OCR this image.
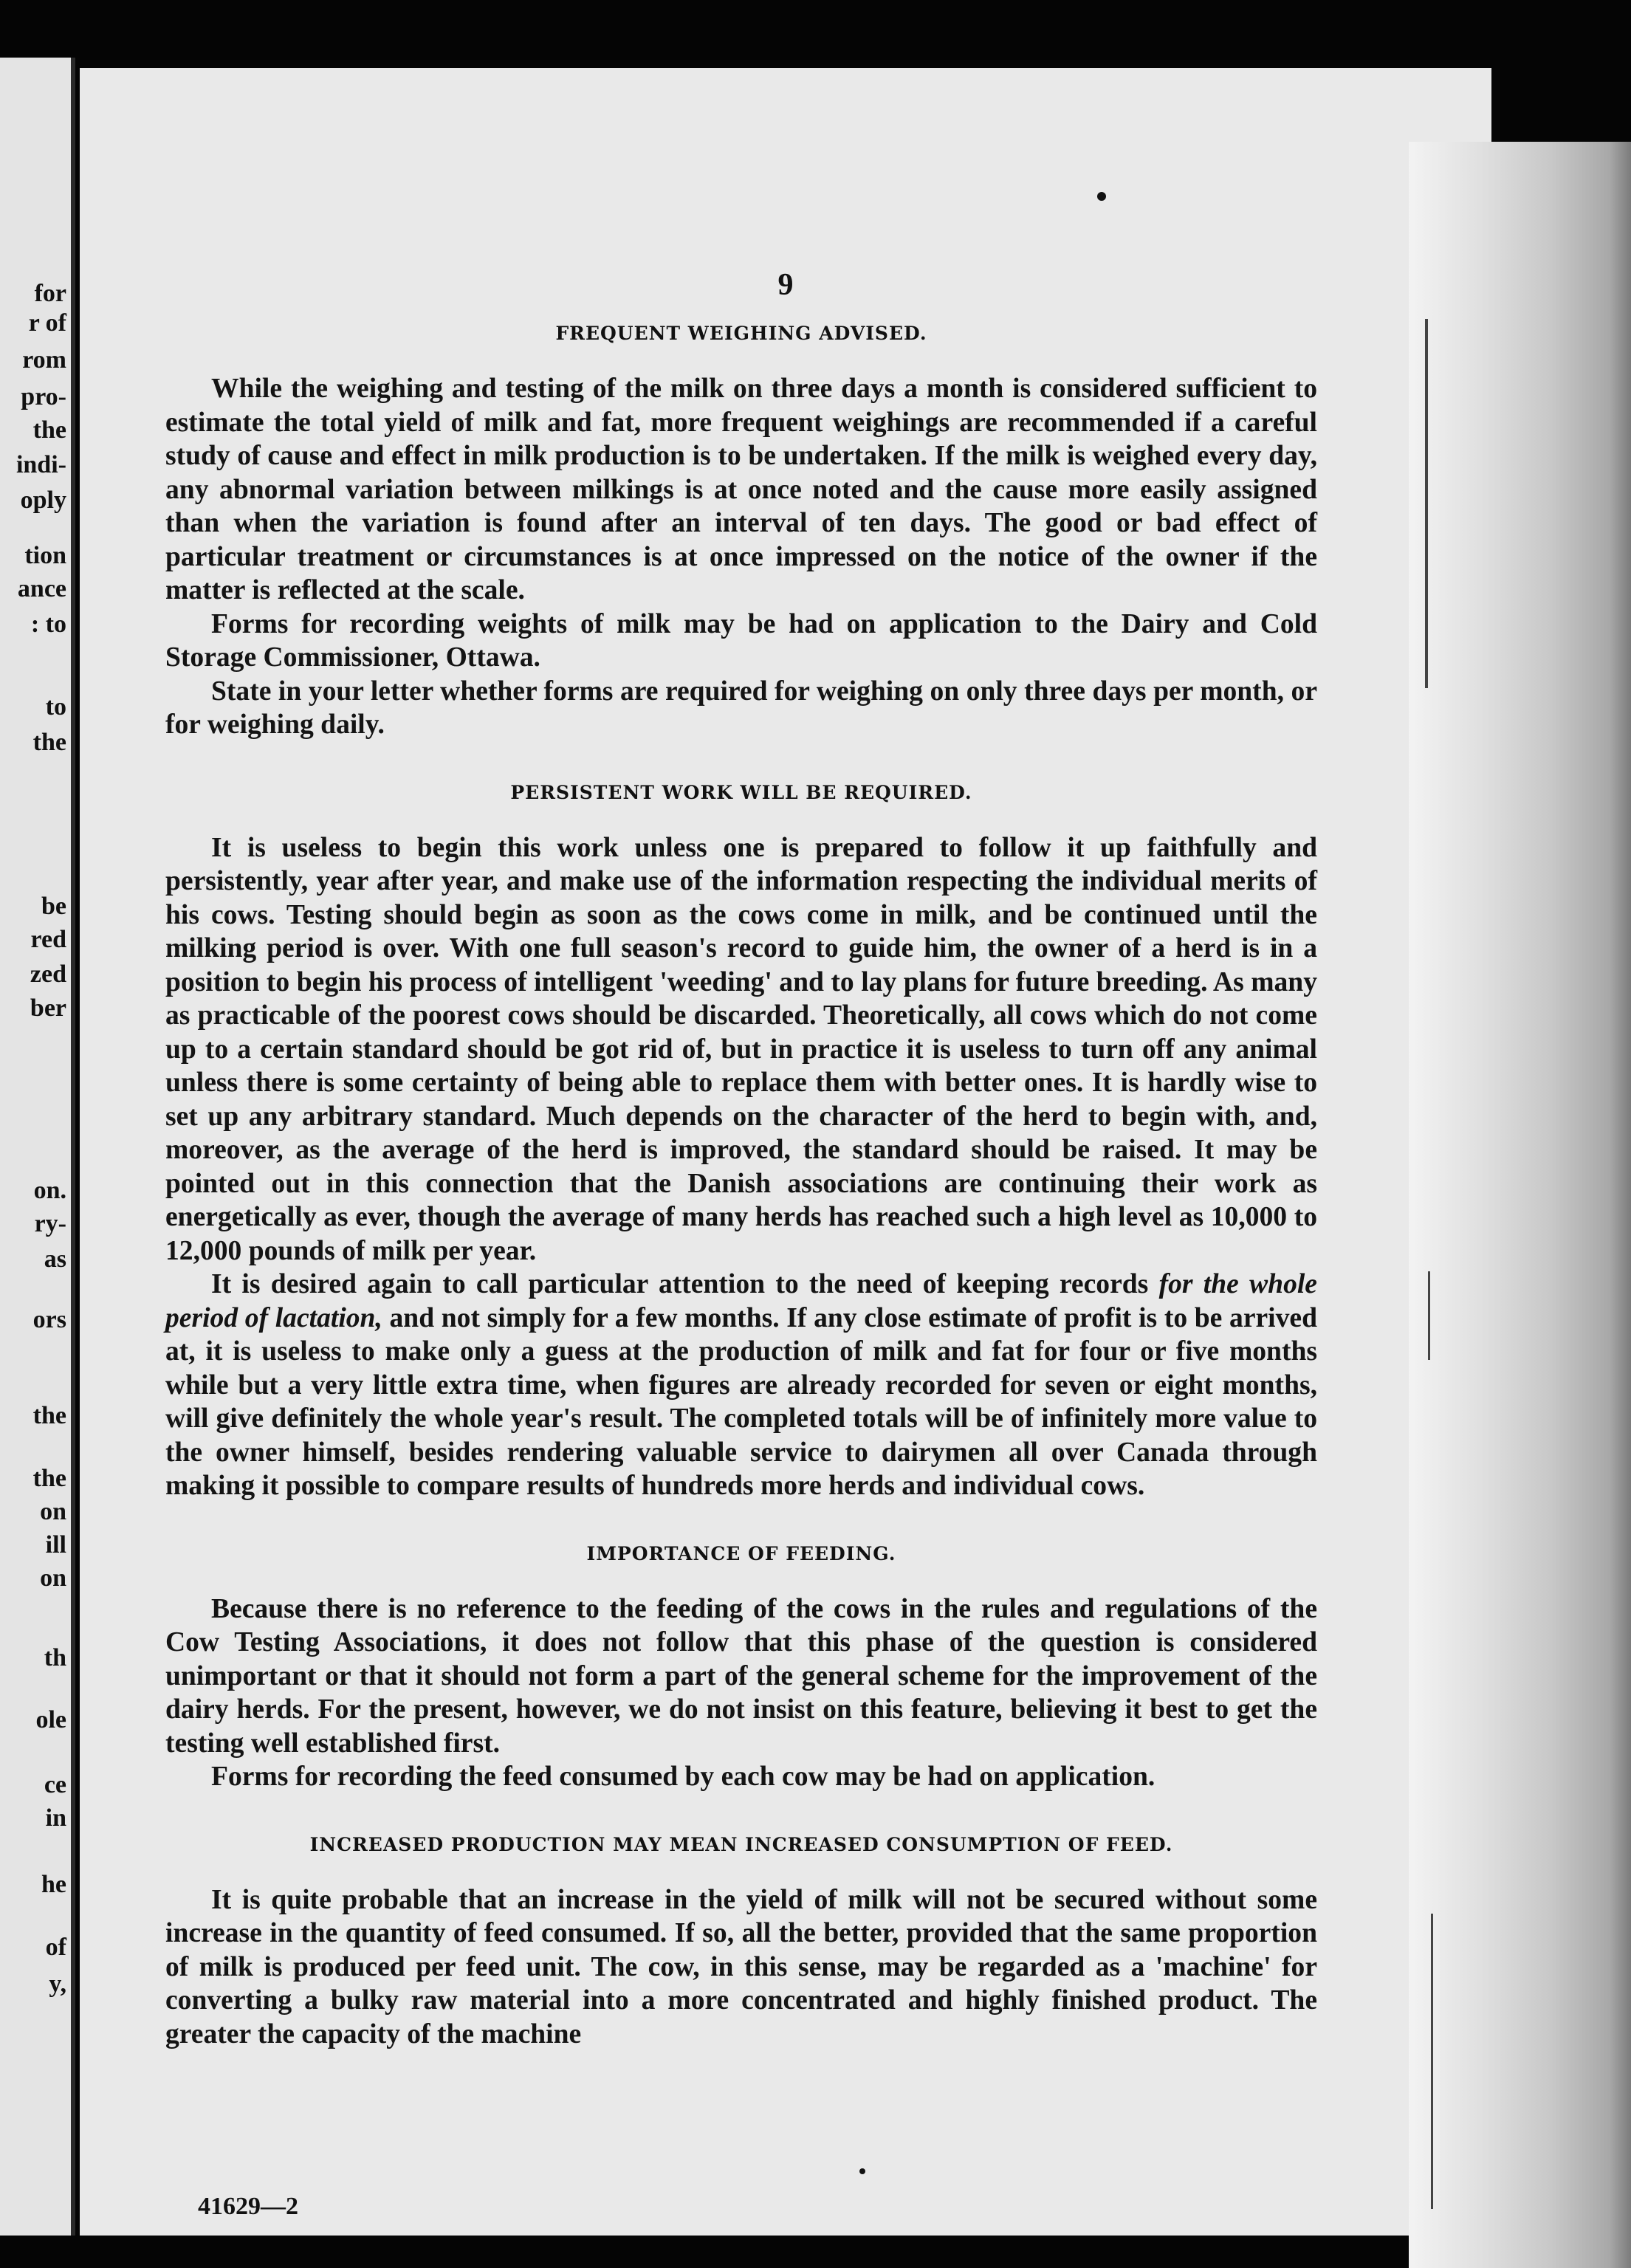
for

r of

rom

pro-

the

indi-

oply

tion

ance

: to

to

the

be

red

zed

ber

on.

ry-

as

ors

the

the

on

ill

on

th

ole

ce

in

he

of

y,

9

FREQUENT WEIGHING ADVISED.

While the weighing and testing of the milk on three days a month is considered sufficient to estimate the total yield of milk and fat, more frequent weighings are recommended if a careful study of cause and effect in milk production is to be undertaken. If the milk is weighed every day, any abnormal variation between milkings is at once noted and the cause more easily assigned than when the variation is found after an interval of ten days. The good or bad effect of particular treatment or circumstances is at once impressed on the notice of the owner if the matter is reflected at the scale.

Forms for recording weights of milk may be had on application to the Dairy and Cold Storage Commissioner, Ottawa.

State in your letter whether forms are required for weighing on only three days per month, or for weighing daily.

PERSISTENT WORK WILL BE REQUIRED.

It is useless to begin this work unless one is prepared to follow it up faithfully and persistently, year after year, and make use of the information respecting the individual merits of his cows. Testing should begin as soon as the cows come in milk, and be continued until the milking period is over. With one full season's record to guide him, the owner of a herd is in a position to begin his process of intelligent 'weeding' and to lay plans for future breeding. As many as practicable of the poorest cows should be discarded. Theoretically, all cows which do not come up to a certain standard should be got rid of, but in practice it is useless to turn off any animal unless there is some certainty of being able to replace them with better ones. It is hardly wise to set up any arbitrary standard. Much depends on the character of the herd to begin with, and, moreover, as the average of the herd is improved, the standard should be raised. It may be pointed out in this connection that the Danish associations are continuing their work as energetically as ever, though the average of many herds has reached such a high level as 10,000 to 12,000 pounds of milk per year.

It is desired again to call particular attention to the need of keeping records for the whole period of lactation, and not simply for a few months. If any close estimate of profit is to be arrived at, it is useless to make only a guess at the production of milk and fat for four or five months while but a very little extra time, when figures are already recorded for seven or eight months, will give definitely the whole year's result. The completed totals will be of infinitely more value to the owner himself, besides rendering valuable service to dairymen all over Canada through making it possible to compare results of hundreds more herds and individual cows.

IMPORTANCE OF FEEDING.

Because there is no reference to the feeding of the cows in the rules and regulations of the Cow Testing Associations, it does not follow that this phase of the question is considered unimportant or that it should not form a part of the general scheme for the improvement of the dairy herds. For the present, however, we do not insist on this feature, believing it best to get the testing well established first.

Forms for recording the feed consumed by each cow may be had on application.

INCREASED PRODUCTION MAY MEAN INCREASED CONSUMPTION OF FEED.

It is quite probable that an increase in the yield of milk will not be secured without some increase in the quantity of feed consumed. If so, all the better, provided that the same proportion of milk is produced per feed unit. The cow, in this sense, may be regarded as a 'machine' for converting a bulky raw material into a more concentrated and highly finished product. The greater the capacity of the machine

41629—2
